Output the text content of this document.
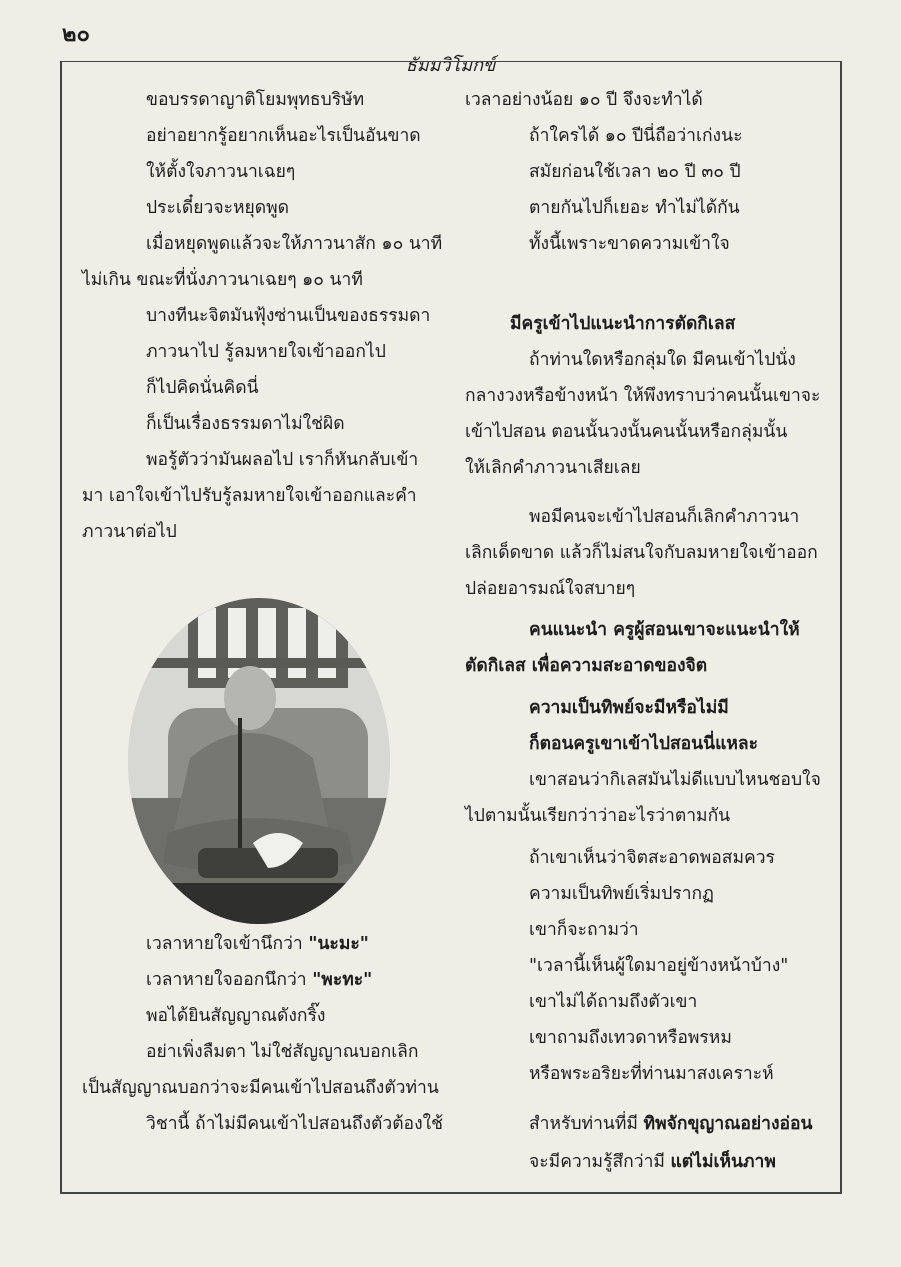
๒๐
ธัมมวิโมกข์
ขอบรรดาญาติโยมพุทธบริษัท
อย่าอยากรู้อยากเห็นอะไรเป็นอันขาด
ให้ตั้งใจภาวนาเฉยๆ
ประเดี๋ยวจะหยุดพูด
เมื่อหยุดพูดแล้วจะให้ภาวนาสัก ๑๐ นาที
ไม่เกิน ขณะที่นั่งภาวนาเฉยๆ ๑๐ นาที
บางทีนะจิตมันฟุ้งซ่านเป็นของธรรมดา
ภาวนาไป รู้ลมหายใจเข้าออกไป
ก็ไปคิดนั่นคิดนี่
ก็เป็นเรื่องธรรมดาไม่ใช่ผิด
พอรู้ตัวว่ามันผลอไป เราก็หันกลับเข้า
มา เอาใจเข้าไปรับรู้ลมหายใจเข้าออกและคำ
ภาวนาต่อไป
เวลาหายใจเข้านึกว่า "นะมะ"
เวลาหายใจออกนึกว่า "พะทะ"
พอได้ยินสัญญาณดังกริ๊ง
อย่าเพิ่งลืมตา ไม่ใช่สัญญาณบอกเลิก
เป็นสัญญาณบอกว่าจะมีคนเข้าไปสอนถึงตัวท่าน
วิชานี้ ถ้าไม่มีคนเข้าไปสอนถึงตัวต้องใช้
เวลาอย่างน้อย ๑๐ ปี จึงจะทำได้
ถ้าใครได้ ๑๐ ปีนี่ถือว่าเก่งนะ
สมัยก่อนใช้เวลา ๒๐ ปี ๓๐ ปี
ตายกันไปก็เยอะ ทำไม่ได้กัน
ทั้งนี้เพราะขาดความเข้าใจ
มีครูเข้าไปแนะนำการตัดกิเลส
ถ้าท่านใดหรือกลุ่มใด มีคนเข้าไปนั่ง
กลางวงหรือข้างหน้า ให้พึงทราบว่าคนนั้นเขาจะ
เข้าไปสอน ตอนนั้นวงนั้นคนนั้นหรือกลุ่มนั้น
ให้เลิกคำภาวนาเสียเลย
พอมีคนจะเข้าไปสอนก็เลิกคำภาวนา
เลิกเด็ดขาด แล้วก็ไม่สนใจกับลมหายใจเข้าออก
ปล่อยอารมณ์ใจสบายๆ
คนแนะนำ ครูผู้สอนเขาจะแนะนำให้
ตัดกิเลส เพื่อความสะอาดของจิต
ความเป็นทิพย์จะมีหรือไม่มี
ก็ตอนครูเขาเข้าไปสอนนี่แหละ
เขาสอนว่ากิเลสมันไม่ดีแบบไหนชอบใจ
ไปตามนั้นเรียกว่าว่าอะไรว่าตามกัน
ถ้าเขาเห็นว่าจิตสะอาดพอสมควร
ความเป็นทิพย์เริ่มปรากฏ
เขาก็จะถามว่า
"เวลานี้เห็นผู้ใดมาอยู่ข้างหน้าบ้าง"
เขาไม่ได้ถามถึงตัวเขา
เขาถามถึงเทวดาหรือพรหม
หรือพระอริยะที่ท่านมาสงเคราะห์
สำหรับท่านที่มี ทิพจักขุญาณอย่างอ่อน
จะมีความรู้สึกว่ามี แต่ไม่เห็นภาพ
